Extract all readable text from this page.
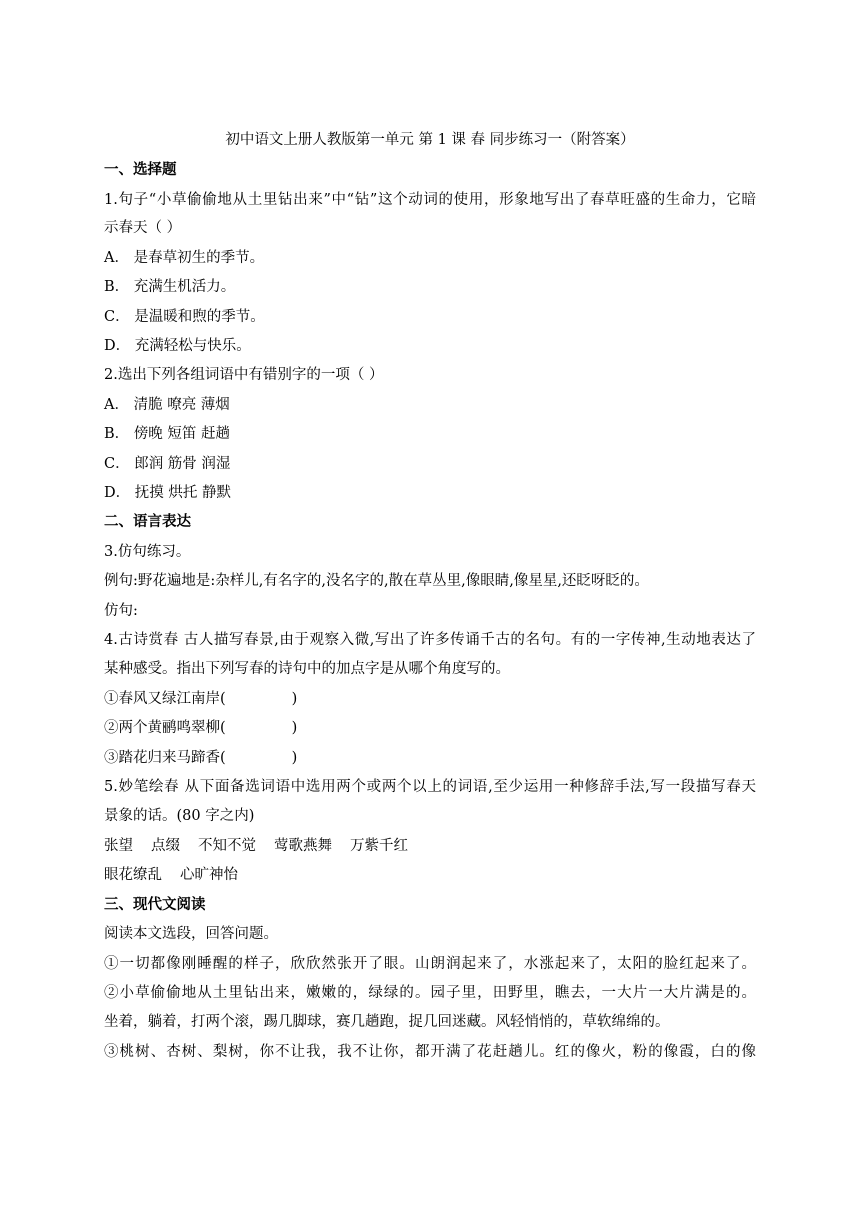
初中语文上册人教版第一单元 第 1 课 春 同步练习一（附答案）
一、选择题
1.句子“小草偷偷地从土里钻出来”中“钻”这个动词的使用，形象地写出了春草旺盛的生命力，它暗
示春天（ ）
A． 是春草初生的季节。
B． 充满生机活力。
C． 是温暖和煦的季节。
D． 充满轻松与快乐。
2.选出下列各组词语中有错别字的一项（ ）
A． 清脆 嘹亮 薄烟
B． 傍晚 短笛 赶趟
C． 郎润 筋骨 润湿
D． 抚摸 烘托 静默
二、语言表达
3.仿句练习。
例句:野花遍地是:杂样儿,有名字的,没名字的,散在草丛里,像眼睛,像星星,还眨呀眨的。
仿句:
4.古诗赏春 古人描写春景,由于观察入微,写出了许多传诵千古的名句。有的一字传神,生动地表达了
某种感受。指出下列写春的诗句中的加点字是从哪个角度写的。
①春风又绿江南岸(	)
②两个黄鹂鸣翠柳(	)
③踏花归来马蹄香(	)
5.妙笔绘春 从下面备选词语中选用两个或两个以上的词语,至少运用一种修辞手法,写一段描写春天
景象的话。(80 字之内)
张望 点缀 不知不觉 莺歌燕舞 万紫千红
眼花缭乱 心旷神怡
三、现代文阅读
阅读本文选段，回答问题。
①一切都像刚睡醒的样子，欣欣然张开了眼。山朗润起来了，水涨起来了，太阳的脸红起来了。
②小草偷偷地从土里钻出来，嫩嫩的，绿绿的。园子里，田野里，瞧去，一大片一大片满是的。
坐着，躺着，打两个滚，踢几脚球，赛几趟跑，捉几回迷藏。风轻悄悄的，草软绵绵的。
③桃树、杏树、梨树，你不让我，我不让你，都开满了花赶趟儿。红的像火，粉的像霞，白的像
